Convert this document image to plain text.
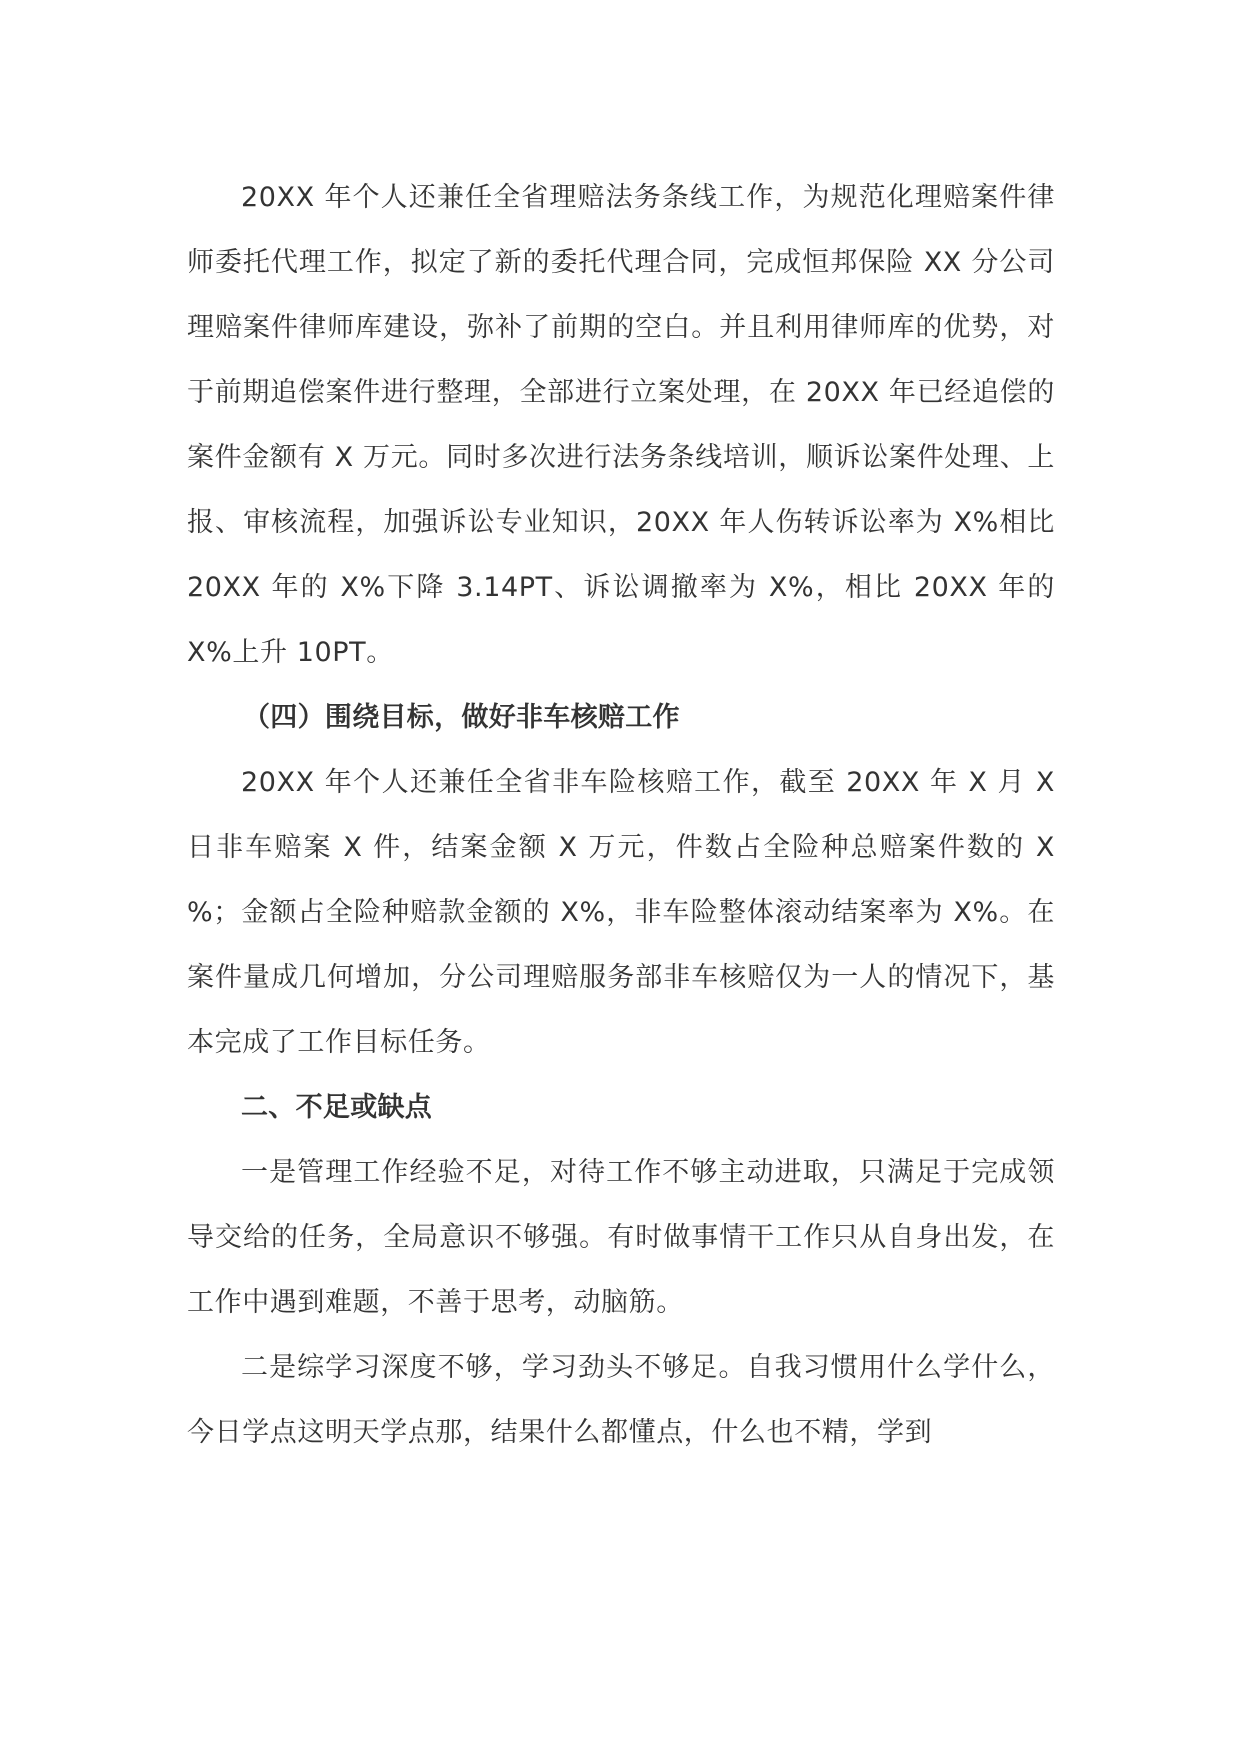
20XX 年个人还兼任全省理赔法务条线工作，为规范化理赔案件律师委托代理工作，拟定了新的委托代理合同，完成恒邦保险 XX 分公司理赔案件律师库建设，弥补了前期的空白。并且利用律师库的优势，对于前期追偿案件进行整理，全部进行立案处理，在 20XX 年已经追偿的案件金额有 X 万元。同时多次进行法务条线培训，顺诉讼案件处理、上报、审核流程，加强诉讼专业知识，20XX 年人伤转诉讼率为 X%相比 20XX 年的 X%下降 3.14PT、诉讼调撤率为 X%，相比 20XX 年的 X%上升 10PT。

（四）围绕目标，做好非车核赔工作

20XX 年个人还兼任全省非车险核赔工作，截至 20XX 年 X 月 X 日非车赔案 X 件，结案金额 X 万元，件数占全险种总赔案件数的 X %；金额占全险种赔款金额的 X%，非车险整体滚动结案率为 X%。在案件量成几何增加，分公司理赔服务部非车核赔仅为一人的情况下，基本完成了工作目标任务。

二、不足或缺点

一是管理工作经验不足，对待工作不够主动进取，只满足于完成领导交给的任务，全局意识不够强。有时做事情干工作只从自身出发，在工作中遇到难题，不善于思考，动脑筋。

二是综学习深度不够，学习劲头不够足。自我习惯用什么学什么，今日学点这明天学点那，结果什么都懂点，什么也不精，学到
